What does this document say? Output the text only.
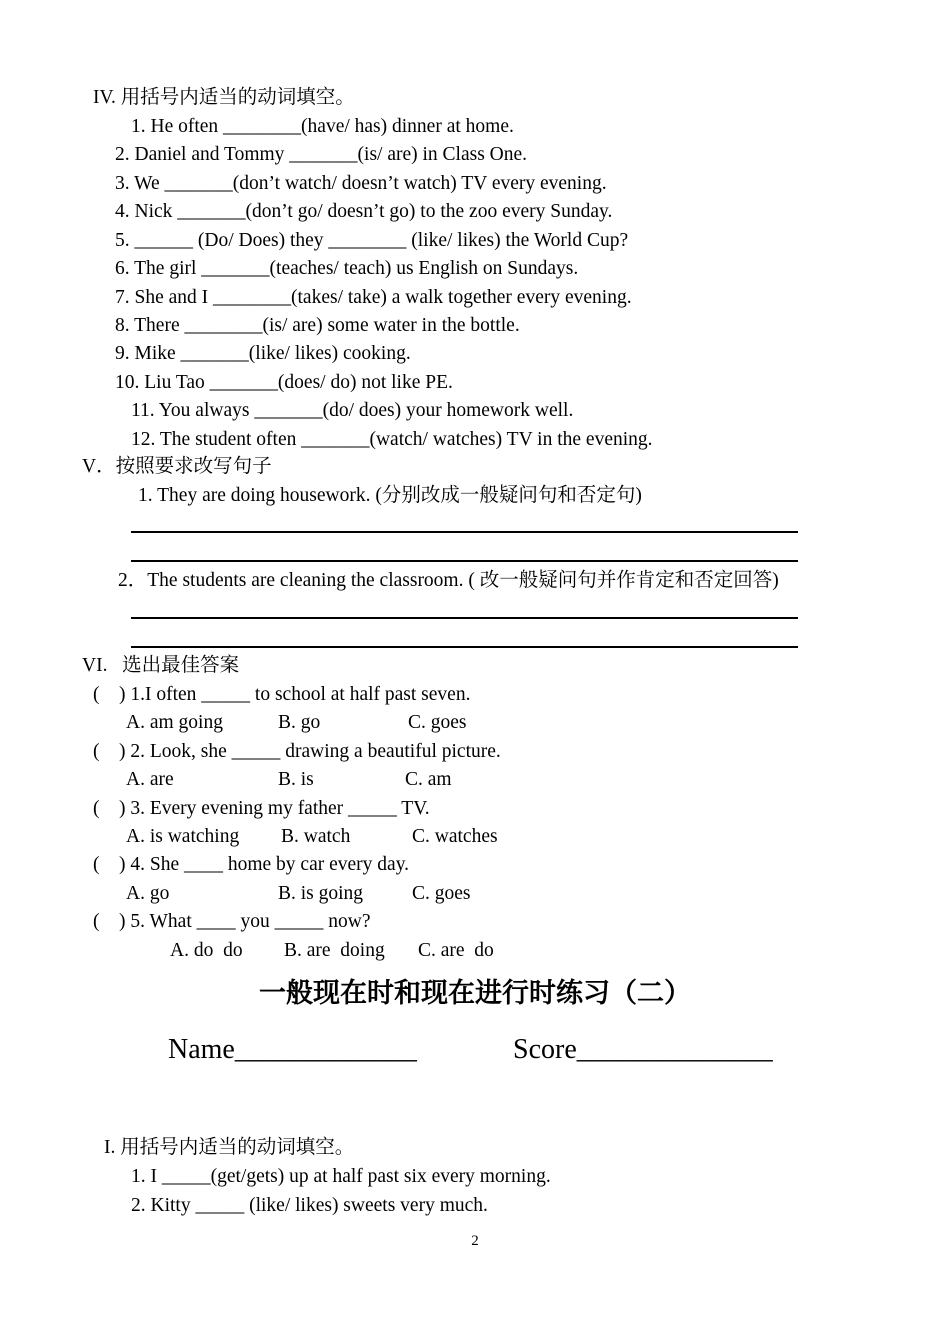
IV. 用括号内适当的动词填空。
1. He often ________(have/ has) dinner at home.
2. Daniel and Tommy _______(is/ are) in Class One.
3. We _______(don’t watch/ doesn’t watch) TV every evening.
4. Nick _______(don’t go/ doesn’t go) to the zoo every Sunday.
5. ______ (Do/ Does) they ________ (like/ likes) the World Cup?
6. The girl _______(teaches/ teach) us English on Sundays.
7. She and I ________(takes/ take) a walk together every evening.
8. There ________(is/ are) some water in the bottle.
9. Mike _______(like/ likes) cooking.
10. Liu Tao _______(does/ do) not like PE.
11. You always _______(do/ does) your homework well.
12. The student often _______(watch/ watches) TV in the evening.
V．按照要求改写句子
1. They are doing housework. (分别改成一般疑问句和否定句)
2．The students are cleaning the classroom. ( 改一般疑问句并作肯定和否定回答)
VI.   选出最佳答案
(    ) 1.I often _____ to school at half past seven.
A. am going	B. go	C. goes
(    ) 2. Look, she _____ drawing a beautiful picture.
A. are	B. is	C. am
(    ) 3. Every evening my father _____ TV.
A. is watching B. watch	C. watches
(    ) 4. She ____ home by car every day.
A. go	B. is going	C. goes
(    ) 5. What ____ you _____ now?
A. do  do B. are  doing C. are  do
一般现在时和现在进行时练习（二）
Name_____________	Score______________
I. 用括号内适当的动词填空。
1. I _____(get/gets) up at half past six every morning.
2. Kitty _____ (like/ likes) sweets very much.
2
